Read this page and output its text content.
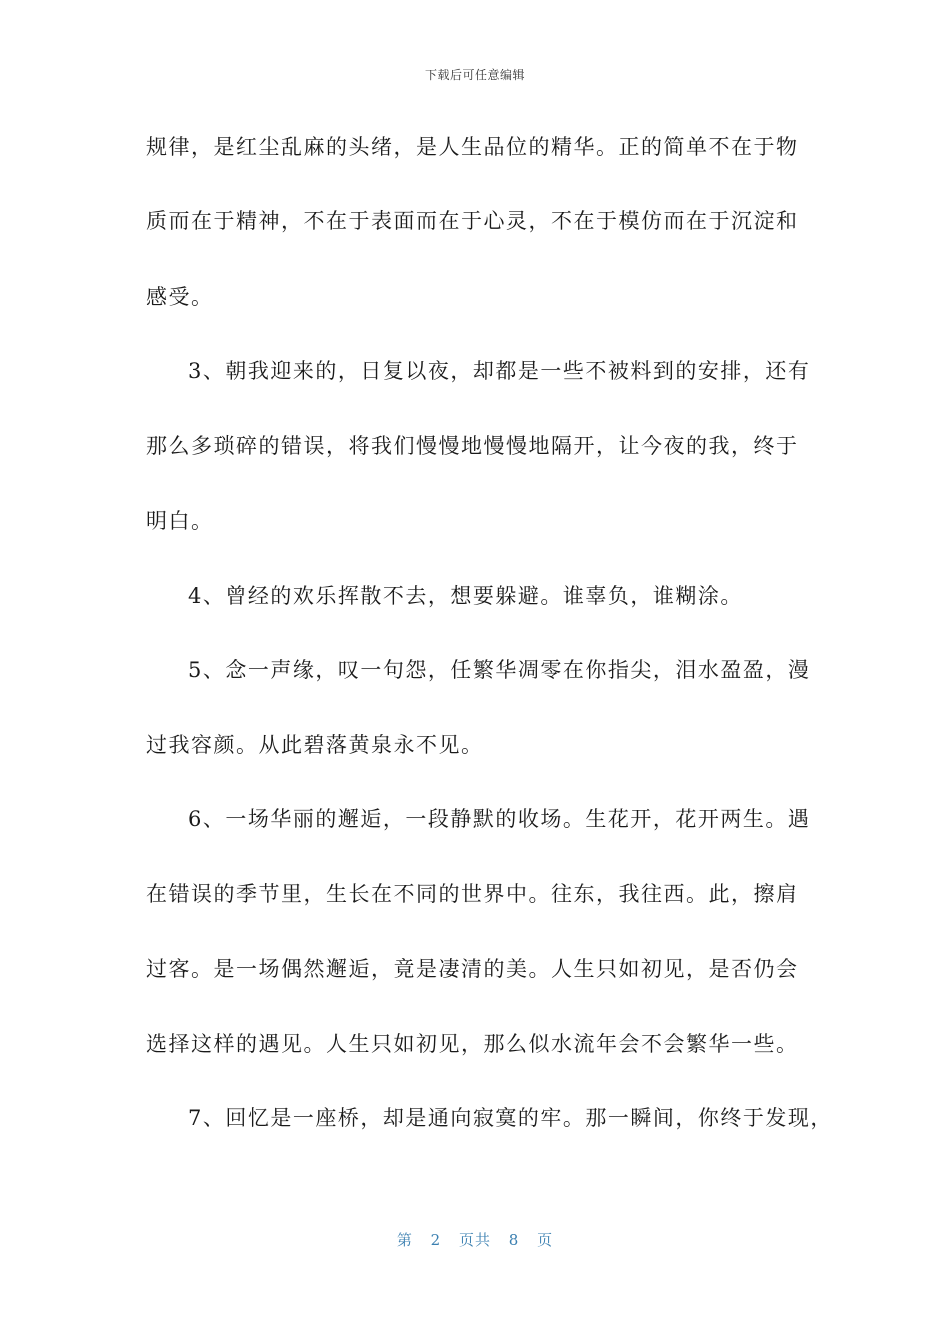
下载后可任意编辑
规律，是红尘乱麻的头绪，是人生品位的精华。正的简单不在于物
质而在于精神，不在于表面而在于心灵，不在于模仿而在于沉淀和
感受。
3、朝我迎来的，日复以夜，却都是一些不被料到的安排，还有
那么多琐碎的错误，将我们慢慢地慢慢地隔开，让今夜的我，终于
明白。
4、曾经的欢乐挥散不去，想要躲避。谁辜负，谁糊涂。
5、念一声缘，叹一句怨，任繁华凋零在你指尖，泪水盈盈，漫
过我容颜。从此碧落黄泉永不见。
6、一场华丽的邂逅，一段静默的收场。生花开，花开两生。遇
在错误的季节里，生长在不同的世界中。往东，我往西。此，擦肩
过客。是一场偶然邂逅，竟是凄清的美。人生只如初见，是否仍会
选择这样的遇见。人生只如初见，那么似水流年会不会繁华一些。
7、回忆是一座桥，却是通向寂寞的牢。那一瞬间，你终于发现，
第 2 页共 8 页
